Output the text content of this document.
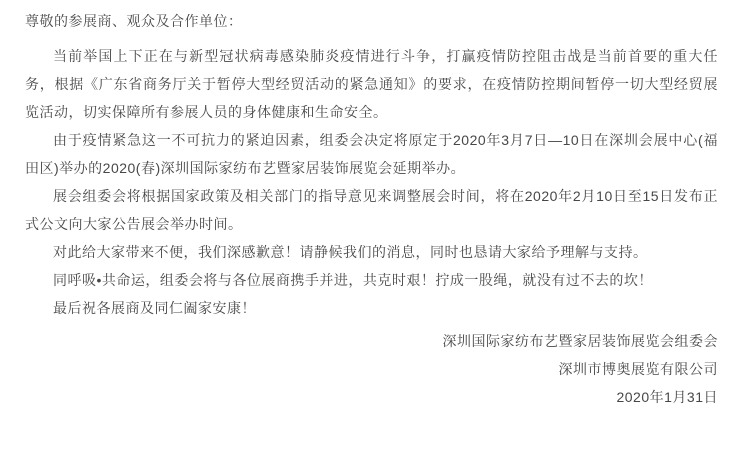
尊敬的参展商、观众及合作单位：

当前举国上下正在与新型冠状病毒感染肺炎疫情进行斗争，打赢疫情防控阻击战是当前首要的重大任务，根据《广东省商务厅关于暂停大型经贸活动的紧急通知》的要求，在疫情防控期间暂停一切大型经贸展览活动，切实保障所有参展人员的身体健康和生命安全。

由于疫情紧急这一不可抗力的紧迫因素，组委会决定将原定于2020年3月7日—10日在深圳会展中心(福田区)举办的2020(春)深圳国际家纺布艺暨家居装饰展览会延期举办。

展会组委会将根据国家政策及相关部门的指导意见来调整展会时间，将在2020年2月10日至15日发布正式公文向大家公告展会举办时间。

对此给大家带来不便，我们深感歉意！请静候我们的消息，同时也恳请大家给予理解与支持。

同呼吸•共命运，组委会将与各位展商携手并进，共克时艰！拧成一股绳，就没有过不去的坎！

最后祝各展商及同仁阖家安康！

深圳国际家纺布艺暨家居装饰展览会组委会

深圳市博奥展览有限公司

2020年1月31日
